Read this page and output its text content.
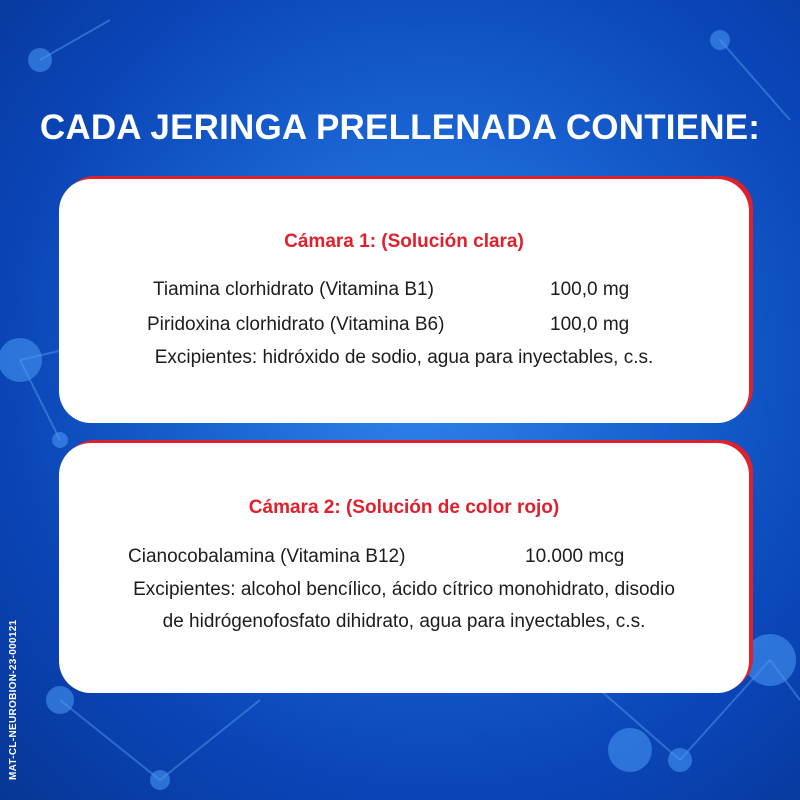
CADA JERINGA PRELLENADA CONTIENE:
Cámara 1: (Solución clara)
Tiamina clorhidrato (Vitamina B1)	100,0 mg
Piridoxina clorhidrato (Vitamina B6)	100,0 mg
Excipientes: hidróxido de sodio, agua para inyectables, c.s.
Cámara 2: (Solución de color rojo)
Cianocobalamina (Vitamina B12)	10.000 mcg
Excipientes: alcohol bencílico, ácido cítrico monohidrato, disodio
de hidrógenofosfato dihidrato, agua para inyectables, c.s.
MAT-CL-NEUROBION-23-000121
